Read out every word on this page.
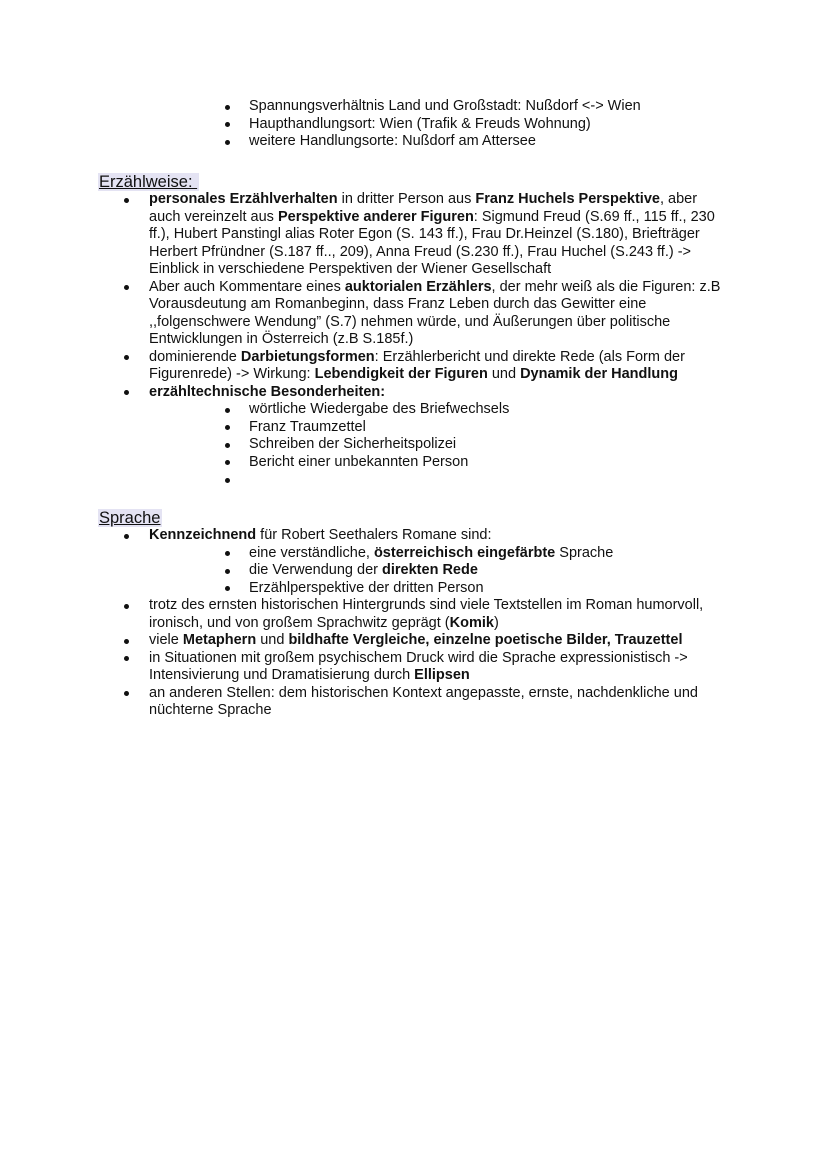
Spannungsverhältnis Land und Großstadt: Nußdorf <-> Wien
Haupthandlungsort: Wien (Trafik & Freuds Wohnung)
weitere Handlungsorte: Nußdorf am Attersee
Erzählweise:
personales Erzählverhalten in dritter Person aus Franz Huchels Perspektive, aber auch vereinzelt aus Perspektive anderer Figuren: Sigmund Freud (S.69 ff., 115 ff., 230 ff.), Hubert Panstingl alias Roter Egon (S. 143 ff.), Frau Dr.Heinzel (S.180), Briefträger Herbert Pfründner (S.187 ff.., 209), Anna Freud (S.230 ff.), Frau Huchel (S.243 ff.) -> Einblick in verschiedene Perspektiven der Wiener Gesellschaft
Aber auch Kommentare eines auktorialen Erzählers, der mehr weiß als die Figuren: z.B Vorausdeutung am Romanbeginn, dass Franz Leben durch das Gewitter eine ,,folgenschwere Wendung” (S.7) nehmen würde, und Äußerungen über politische Entwicklungen in Österreich (z.B S.185f.)
dominierende Darbietungsformen: Erzählerbericht und direkte Rede (als Form der Figurenrede) -> Wirkung: Lebendigkeit der Figuren und Dynamik der Handlung
erzähltechnische Besonderheiten:
wörtliche Wiedergabe des Briefwechsels
Franz Traumzettel
Schreiben der Sicherheitspolizei
Bericht einer unbekannten Person
Sprache
Kennzeichnend für Robert Seethalers Romane sind:
eine verständliche, österreichisch eingefärbte Sprache
die Verwendung der direkten Rede
Erzählperspektive der dritten Person
trotz des ernsten historischen Hintergrunds sind viele Textstellen im Roman humorvoll, ironisch, und von großem Sprachwitz geprägt (Komik)
viele Metaphern und bildhafte Vergleiche, einzelne poetische Bilder, Trauzettel
in Situationen mit großem psychischem Druck wird die Sprache expressionistisch -> Intensivierung und Dramatisierung durch Ellipsen
an anderen Stellen: dem historischen Kontext angepasste, ernste, nachdenkliche und nüchterne Sprache
